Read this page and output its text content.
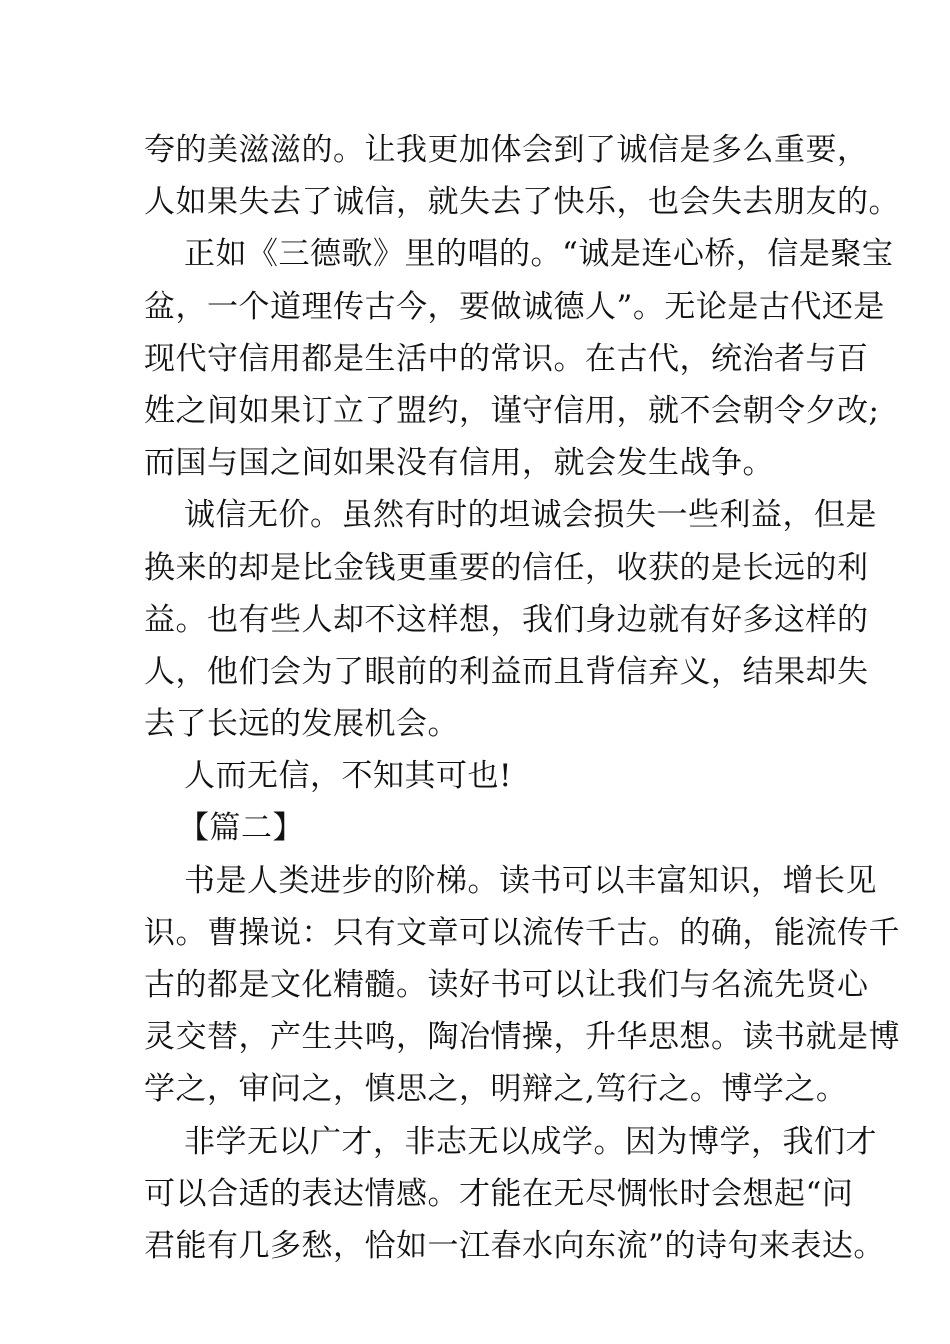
夸的美滋滋的。让我更加体会到了诚信是多么重要，
人如果失去了诚信，就失去了快乐，也会失去朋友的。
正如《三德歌》里的唱的。“诚是连心桥，信是聚宝
盆，一个道理传古今，要做诚德人”。无论是古代还是
现代守信用都是生活中的常识。在古代，统治者与百
姓之间如果订立了盟约，谨守信用，就不会朝令夕改;
而国与国之间如果没有信用，就会发生战争。
诚信无价。虽然有时的坦诚会损失一些利益，但是
换来的却是比金钱更重要的信任，收获的是长远的利
益。也有些人却不这样想，我们身边就有好多这样的
人，他们会为了眼前的利益而且背信弃义，结果却失
去了长远的发展机会。
人而无信，不知其可也!
【篇二】
书是人类进步的阶梯。读书可以丰富知识，增长见
识。曹操说：只有文章可以流传千古。的确，能流传千
古的都是文化精髓。读好书可以让我们与名流先贤心
灵交替，产生共鸣，陶冶情操，升华思想。读书就是博
学之，审问之，慎思之，明辩之,笃行之。博学之。
非学无以广才，非志无以成学。因为博学，我们才
可以合适的表达情感。才能在无尽惆怅时会想起“问
君能有几多愁，恰如一江春水向东流”的诗句来表达。
